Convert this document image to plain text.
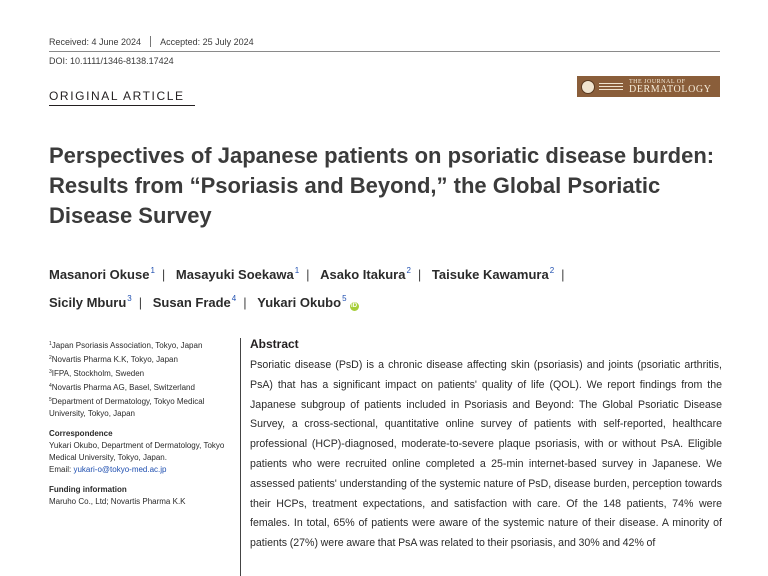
Received: 4 June 2024 Accepted: 25 July 2024
DOI: 10.1111/1346-8138.17424
ORIGINAL ARTICLE
THE JOURNAL OF
DERMATOLOGY
Perspectives of Japanese patients on psoriatic disease burden: Results from “Psoriasis and Beyond,” the Global Psoriatic Disease Survey
Masanori Okuse$^1$ | Masayuki Soekawa$^1$ | Asako Itakura$^2$ | Taisuke Kawamura$^2$ |
Sicily Mburu$^3$ | Susan Frade$^4$ | Yukari Okubo$^5$iD
$^1$Japan Psoriasis Association, Tokyo, Japan
$^2$Novartis Pharma K.K, Tokyo, Japan
$^3$IFPA, Stockholm, Sweden
$^4$Novartis Pharma AG, Basel, Switzerland
$^5$Department of Dermatology, Tokyo Medical University, Tokyo, Japan
Correspondence
Yukari Okubo, Department of Dermatology, Tokyo Medical University, Tokyo, Japan.
Email: yukari-o@tokyo-med.ac.jp
Funding information
Maruho Co., Ltd; Novartis Pharma K.K
Abstract

Psoriatic disease (PsD) is a chronic disease affecting skin (psoriasis) and joints (psoriatic arthritis, PsA) that has a significant impact on patients' quality of life (QOL). We report findings from the Japanese subgroup of patients included in Psoriasis and Beyond: The Global Psoriatic Disease Survey, a cross-sectional, quantitative online survey of patients with self-reported, healthcare professional (HCP)-diagnosed, moderate-to-severe plaque psoriasis, with or without PsA. Eligible patients who were recruited online completed a 25-min internet-based survey in Japanese. We assessed patients' understanding of the systemic nature of PsD, disease burden, perception towards their HCPs, treatment expectations, and satisfaction with care. Of the 148 patients, 74% were females. In total, 65% of patients were aware of the systemic nature of their disease. A minority of patients (27%) were aware that PsA was related to their psoriasis, and 30% and 42% of
